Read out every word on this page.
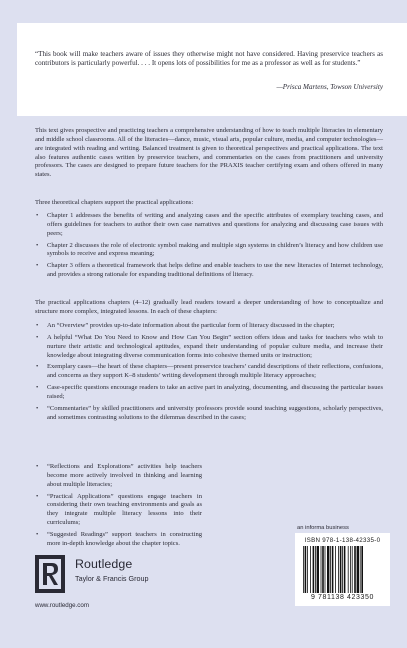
“This book will make teachers aware of issues they otherwise might not have considered. Having preservice teachers as contributors is particularly powerful. . . . It opens lots of possibilities for me as a professor as well as for students.”

—Prisca Martens, Towson University

This text gives prospective and practicing teachers a comprehensive understanding of how to teach multiple literacies in elementary and middle school classrooms. All of the literacies—dance, music, visual arts, popular culture, media, and computer technologies—are integrated with reading and writing. Balanced treatment is given to theoretical perspectives and practical applications. The text also features authentic cases written by preservice teachers, and commentaries on the cases from practitioners and university professors. The cases are designed to prepare future teachers for the PRAXIS teacher certifying exam and others offered in many states.

Three theoretical chapters support the practical applications:

• Chapter 1 addresses the benefits of writing and analyzing cases and the specific attributes of exemplary teaching cases, and offers guidelines for teachers to author their own case narratives and questions for analyzing and discussing case issues with peers;
• Chapter 2 discusses the role of electronic symbol making and multiple sign systems in children’s literacy and how children use symbols to receive and express meaning;
• Chapter 3 offers a theoretical framework that helps define and enable teachers to use the new literacies of Internet technology, and provides a strong rationale for expanding traditional definitions of literacy.

The practical applications chapters (4–12) gradually lead readers toward a deeper understanding of how to conceptualize and structure more complex, integrated lessons. In each of these chapters:

• An “Overview” provides up-to-date information about the particular form of literacy discussed in the chapter;
• A helpful “What Do You Need to Know and How Can You Begin” section offers ideas and tasks for teachers who wish to nurture their artistic and technological aptitudes, expand their understanding of popular culture media, and increase their knowledge about integrating diverse communication forms into cohesive themed units or instruction;
• Exemplary cases—the heart of these chapters—present preservice teachers’ candid descriptions of their reflections, confusions, and concerns as they support K–8 students’ writing development through multiple literacy approaches;
• Case-specific questions encourage readers to take an active part in analyzing, documenting, and discussing the particular issues raised;
• “Commentaries” by skilled practitioners and university professors provide sound teaching suggestions, scholarly perspectives, and sometimes contrasting solutions to the dilemmas described in the cases;
• “Reflections and Explorations” activities help teachers become more actively involved in thinking and learning about multiple literacies;
• “Practical Applications” questions engage teachers in considering their own teaching environments and goals as they integrate multiple literacy lessons into their curriculums;
• “Suggested Readings” support teachers in constructing more in-depth knowledge about the chapter topics.
Routledge
Taylor & Francis Group
www.routledge.com
an informa business
ISBN 978-1-138-42335-0
9 781138 423350
